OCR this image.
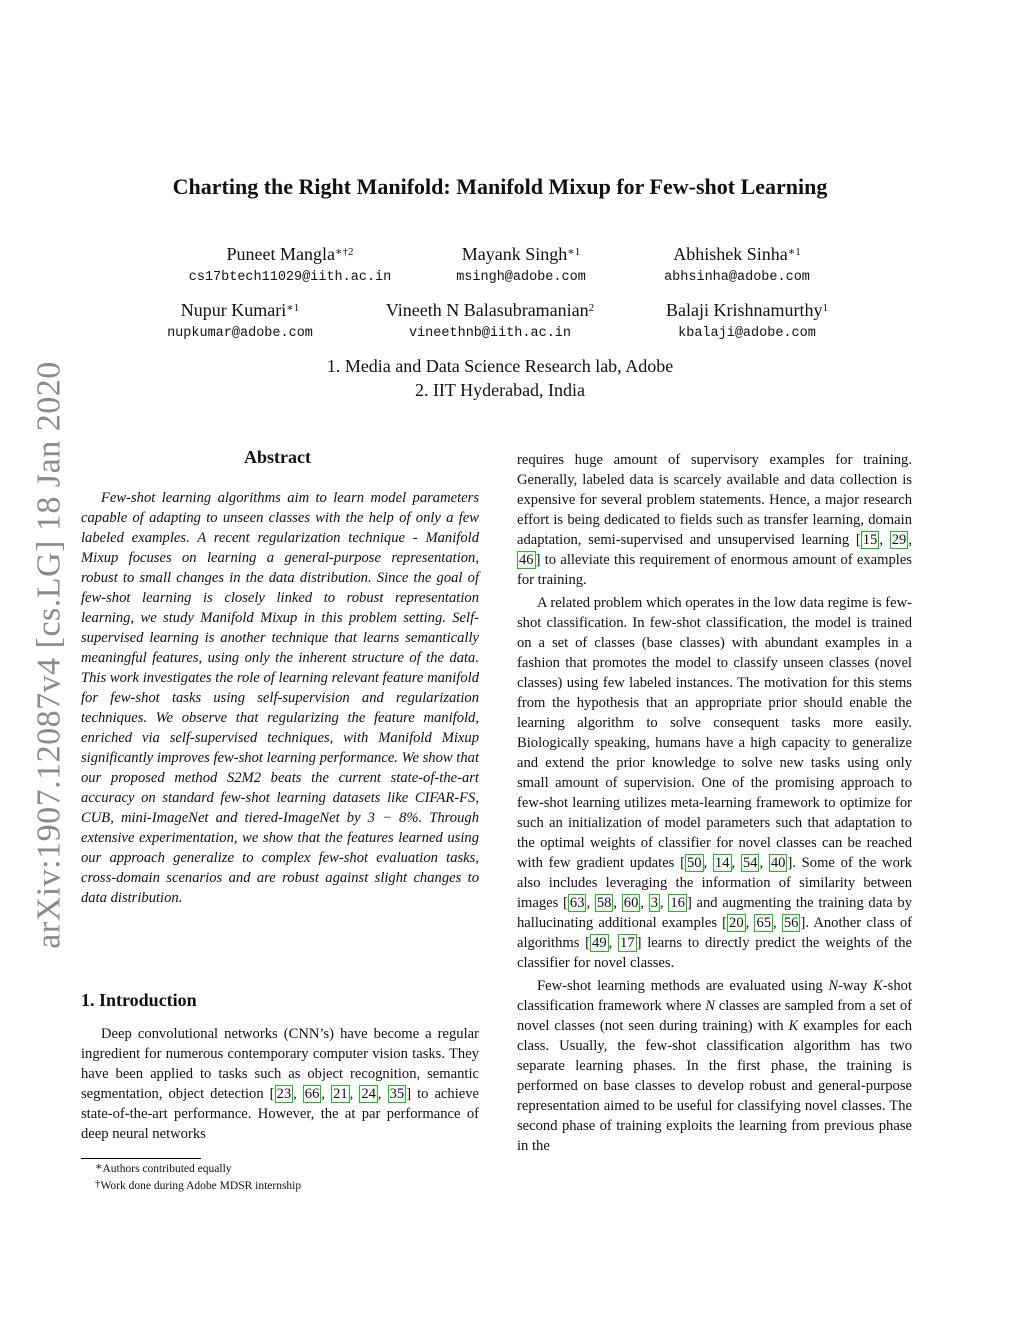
arXiv:1907.12087v4 [cs.LG] 18 Jan 2020
Charting the Right Manifold: Manifold Mixup for Few-shot Learning
Puneet Mangla$^{∗\dagger 2}$
cs17btech11029@iith.ac.in
Mayank Singh$^{∗1}$
msingh@adobe.com
Abhishek Sinha$^{∗1}$
abhsinha@adobe.com
Nupur Kumari$^{∗1}$
nupkumar@adobe.com
Vineeth N Balasubramanian$^2$
vineethnb@iith.ac.in
Balaji Krishnamurthy$^1$
kbalaji@adobe.com
1. Media and Data Science Research lab, Adobe
2. IIT Hyderabad, India
Abstract

Few-shot learning algorithms aim to learn model parameters capable of adapting to unseen classes with the help of only a few labeled examples. A recent regularization technique - Manifold Mixup focuses on learning a general-purpose representation, robust to small changes in the data distribution. Since the goal of few-shot learning is closely linked to robust representation learning, we study Manifold Mixup in this problem setting. Self-supervised learning is another technique that learns semantically meaningful features, using only the inherent structure of the data. This work investigates the role of learning relevant feature manifold for few-shot tasks using self-supervision and regularization techniques. We observe that regularizing the feature manifold, enriched via self-supervised techniques, with Manifold Mixup significantly improves few-shot learning performance. We show that our proposed method S2M2 beats the current state-of-the-art accuracy on standard few-shot learning datasets like CIFAR-FS, CUB, mini-ImageNet and tiered-ImageNet by 3 − 8%. Through extensive experimentation, we show that the features learned using our approach generalize to complex few-shot evaluation tasks, cross-domain scenarios and are robust against slight changes to data distribution.

1. Introduction

Deep convolutional networks (CNN’s) have become a regular ingredient for numerous contemporary computer vision tasks. They have been applied to tasks such as object recognition, semantic segmentation, object detection [ 23 , 66 , 21 , 24 , 35 ] to achieve state-of-the-art performance. However, the at par performance of deep neural networks

∗Authors contributed equally
†Work done during Adobe MDSR internship

requires huge amount of supervisory examples for training. Generally, labeled data is scarcely available and data collection is expensive for several problem statements. Hence, a major research effort is being dedicated to fields such as transfer learning, domain adaptation, semi-supervised and unsupervised learning [ 15 , 29 , 46 ] to alleviate this requirement of enormous amount of examples for training.

A related problem which operates in the low data regime is few-shot classification. In few-shot classification, the model is trained on a set of classes (base classes) with abundant examples in a fashion that promotes the model to classify unseen classes (novel classes) using few labeled instances. The motivation for this stems from the hypothesis that an appropriate prior should enable the learning algorithm to solve consequent tasks more easily. Biologically speaking, humans have a high capacity to generalize and extend the prior knowledge to solve new tasks using only small amount of supervision. One of the promising approach to few-shot learning utilizes meta-learning framework to optimize for such an initialization of model parameters such that adaptation to the optimal weights of classifier for novel classes can be reached with few gradient updates [ 50 , 14 , 54 , 40 ]. Some of the work also includes leveraging the information of similarity between images [ 63 , 58 , 60 , 3 , 16 ] and augmenting the training data by hallucinating additional examples [ 20 , 65 , 56 ]. Another class of algorithms [ 49 , 17 ] learns to directly predict the weights of the classifier for novel classes.

Few-shot learning methods are evaluated using N-way K-shot classification framework where N classes are sampled from a set of novel classes (not seen during training) with K examples for each class. Usually, the few-shot classification algorithm has two separate learning phases. In the first phase, the training is performed on base classes to develop robust and general-purpose representation aimed to be useful for classifying novel classes. The second phase of training exploits the learning from previous phase in the
